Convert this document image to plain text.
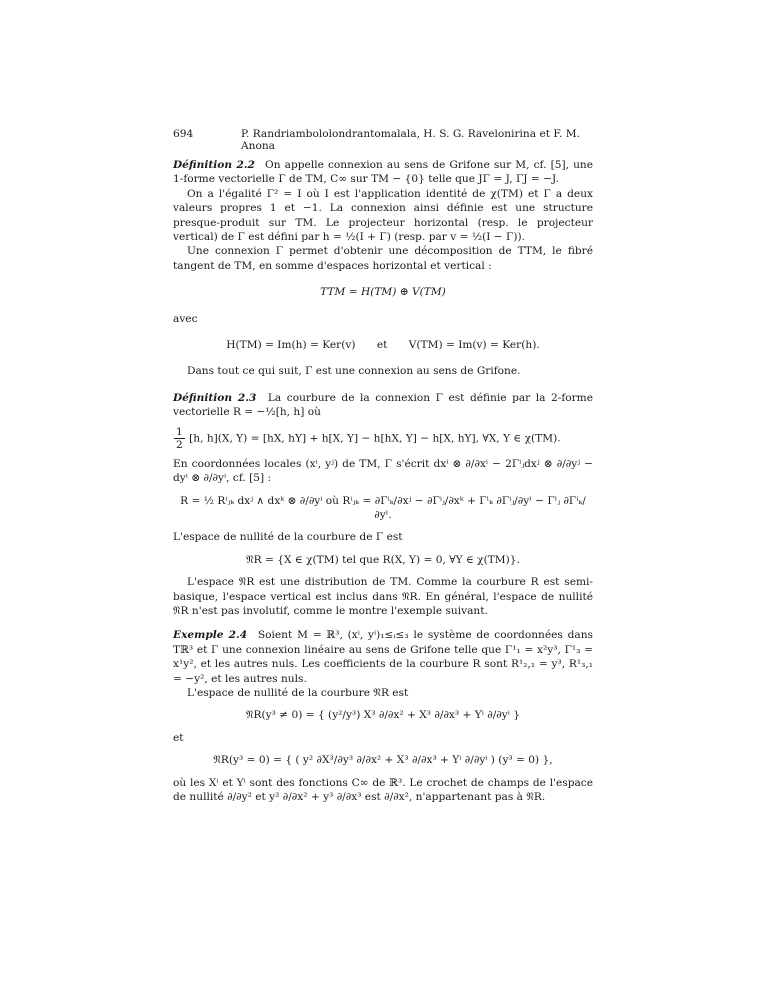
694	P. Randriambololondrantomalala, H. S. G. Ravelonirina et F. M. Anona

Définition 2.2 On appelle connexion au sens de Grifone sur M, cf. [5], une 1-forme vectorielle Γ de TM, C∞ sur TM − {0} telle que JΓ = J, ΓJ = −J.

On a l'égalité Γ² = I où I est l'application identité de χ(TM) et Γ a deux valeurs propres 1 et −1. La connexion ainsi définie est une structure presque-produit sur TM. Le projecteur horizontal (resp. le projecteur vertical) de Γ est défini par h = ½(I + Γ) (resp. par v = ½(I − Γ)).

Une connexion Γ permet d'obtenir une décomposition de TTM, le fibré tangent de TM, en somme d'espaces horizontal et vertical :

TTM = H(TM) ⊕ V(TM)

avec

H(TM) = Im(h) = Ker(v) et V(TM) = Im(v) = Ker(h).

Dans tout ce qui suit, Γ est une connexion au sens de Grifone.

Définition 2.3 La courbure de la connexion Γ est définie par la 2-forme vectorielle R = −½[h, h] où

$\frac{1}{2} [h$, h](X, Y) = [hX, hY] + h[X, Y] − h[hX, Y] − h[X, hY], ∀X, Y ∈ χ(TM).

En coordonnées locales (xⁱ, yʲ) de TM, Γ s'écrit dxⁱ ⊗ ∂/∂xⁱ − 2Γⁱⱼdxʲ ⊗ ∂/∂yʲ − dyⁱ ⊗ ∂/∂yⁱ, cf. [5] :

R = ½ Rⁱⱼₖ dxʲ ∧ dxᵏ ⊗ ∂/∂yⁱ où Rⁱⱼₖ = ∂Γⁱₖ/∂xʲ − ∂Γⁱⱼ/∂xᵏ + Γˡₖ ∂Γⁱⱼ/∂yˡ − Γˡⱼ ∂Γⁱₖ/∂yˡ.

L'espace de nullité de la courbure de Γ est

𝔑R = {X ∈ χ(TM) tel que R(X, Y) = 0, ∀Y ∈ χ(TM)}.

L'espace 𝔑R est une distribution de TM. Comme la courbure R est semi-basique, l'espace vertical est inclus dans 𝔑R. En général, l'espace de nullité 𝔑R n'est pas involutif, comme le montre l'exemple suivant.

Exemple 2.4 Soient M = ℝ³, (xⁱ, yⁱ)₁≤ᵢ≤₃ le système de coordonnées dans Tℝ³ et Γ une connexion linéaire au sens de Grifone telle que Γ¹₁ = x²y³, Γ¹₃ = x¹y², et les autres nuls. Les coefficients de la courbure R sont R¹₂,₁ = y³, R¹₃,₁ = −y², et les autres nuls.

L'espace de nullité de la courbure 𝔑R est

𝔑R(y³ ≠ 0) = { (y²/y³) X³ ∂/∂x² + X³ ∂/∂x³ + Yⁱ ∂/∂yⁱ }

et

𝔑R(y³ = 0) = { ( y² ∂X³/∂y³ ∂/∂x² + X³ ∂/∂x³ + Yⁱ ∂/∂yⁱ ) (y³ = 0) },

où les Xⁱ et Yⁱ sont des fonctions C∞ de ℝ³. Le crochet de champs de l'espace de nullité ∂/∂y² et y² ∂/∂x² + y³ ∂/∂x³ est ∂/∂x², n'appartenant pas à 𝔑R.
